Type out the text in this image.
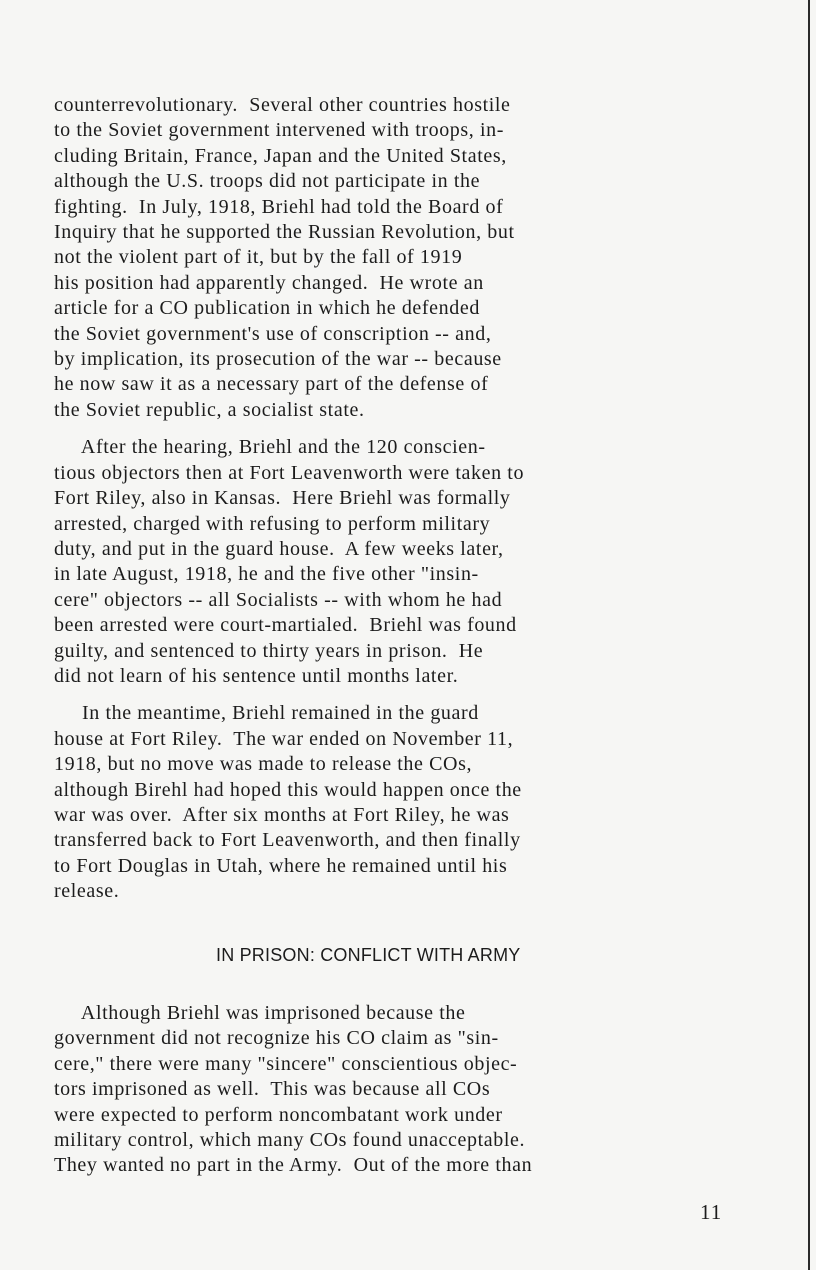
counterrevolutionary.  Several other countries hostile
to the Soviet government intervened with troops, in-
cluding Britain, France, Japan and the United States,
although the U.S. troops did not participate in the
fighting.  In July, 1918, Briehl had told the Board of
Inquiry that he supported the Russian Revolution, but
not the violent part of it, but by the fall of 1919
his position had apparently changed.  He wrote an
article for a CO publication in which he defended
the Soviet government's use of conscription -- and,
by implication, its prosecution of the war -- because
he now saw it as a necessary part of the defense of
the Soviet republic, a socialist state.
After the hearing, Briehl and the 120 conscien-
tious objectors then at Fort Leavenworth were taken to
Fort Riley, also in Kansas.  Here Briehl was formally
arrested, charged with refusing to perform military
duty, and put in the guard house.  A few weeks later,
in late August, 1918, he and the five other "insin-
cere" objectors -- all Socialists -- with whom he had
been arrested were court-martialed.  Briehl was found
guilty, and sentenced to thirty years in prison.  He
did not learn of his sentence until months later.
In the meantime, Briehl remained in the guard
house at Fort Riley.  The war ended on November 11,
1918, but no move was made to release the COs,
although Birehl had hoped this would happen once the
war was over.  After six months at Fort Riley, he was
transferred back to Fort Leavenworth, and then finally
to Fort Douglas in Utah, where he remained until his
release.
IN PRISON: CONFLICT WITH ARMY
Although Briehl was imprisoned because the
government did not recognize his CO claim as "sin-
cere," there were many "sincere" conscientious objec-
tors imprisoned as well.  This was because all COs
were expected to perform noncombatant work under
military control, which many COs found unacceptable.
They wanted no part in the Army.  Out of the more than
11
